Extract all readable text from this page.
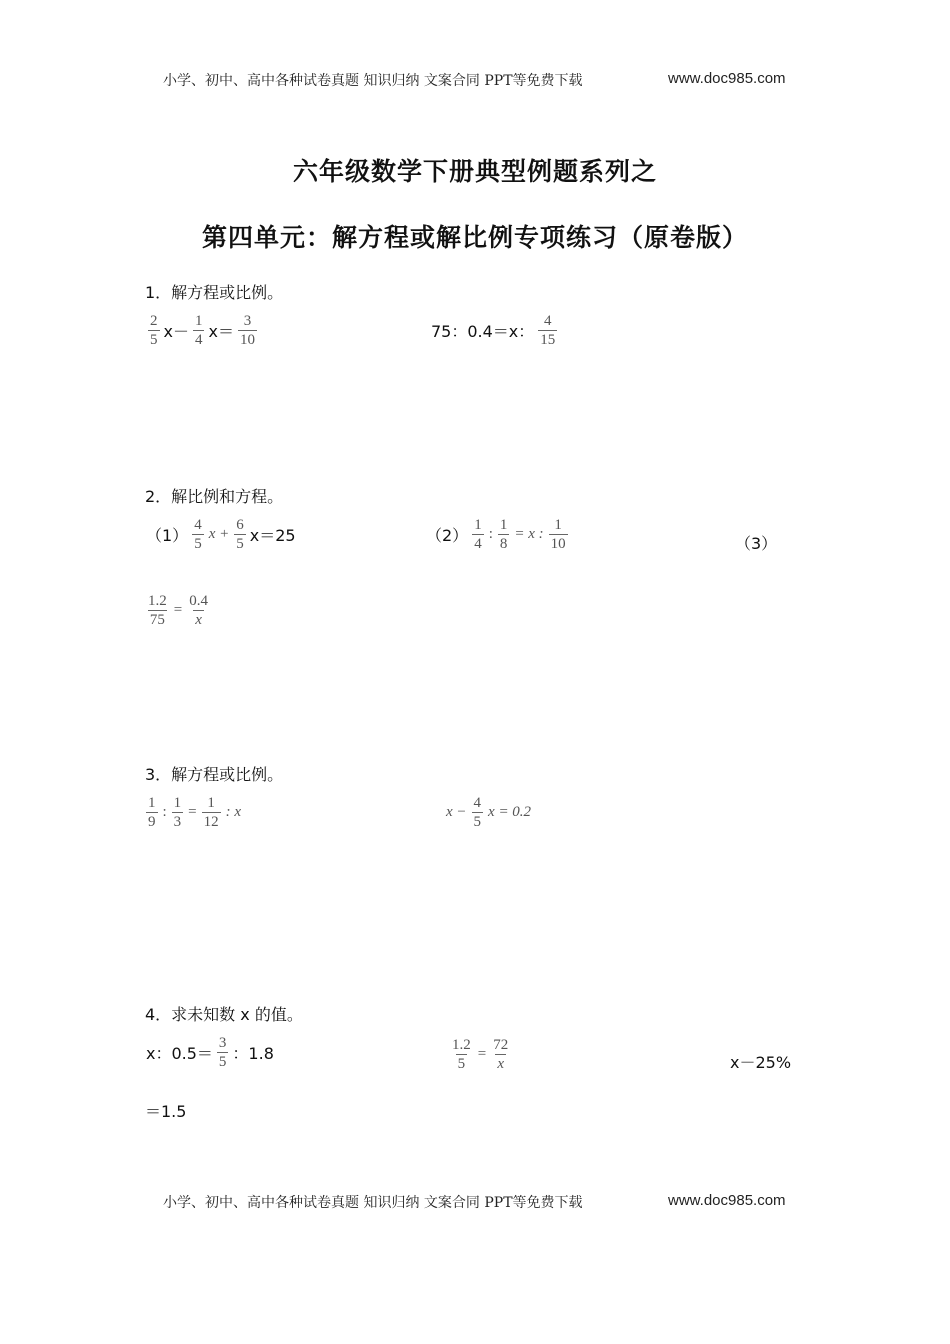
小学、初中、高中各种试卷真题 知识归纳 文案合同 PPT等免费下载	www.doc985.com
六年级数学下册典型例题系列之
第四单元：解方程或解比例专项练习（原卷版）
1．解方程或比例。
$\frac{2}{5} x- \frac{1}{4} x= \frac{3}{10}$	75：0.4＝x： $\frac{4}{15}$
2．解比例和方程。
$(1) \frac{4}{5}$ $x + \frac{6}{5} x=25$	$(2) \frac{1}{4}$ : $\frac{1}{8} = x$ : $\frac{1}{10}$	（3）
$\frac{1.2}{75} = \frac{0.4}{x}$
3．解方程或比例。
$\frac{1}{9}$ : $\frac{1}{3} = \frac{1}{12}$ : x	$x - \frac{4}{5}$ x = 0.2
4．求未知数 x 的值。
x：$0.5= \frac{3}{5}$ ：1.8	$\frac{1.2}{5} = \frac{72}{x}$	x－25%
＝1.5
小学、初中、高中各种试卷真题 知识归纳 文案合同 PPT等免费下载	www.doc985.com
